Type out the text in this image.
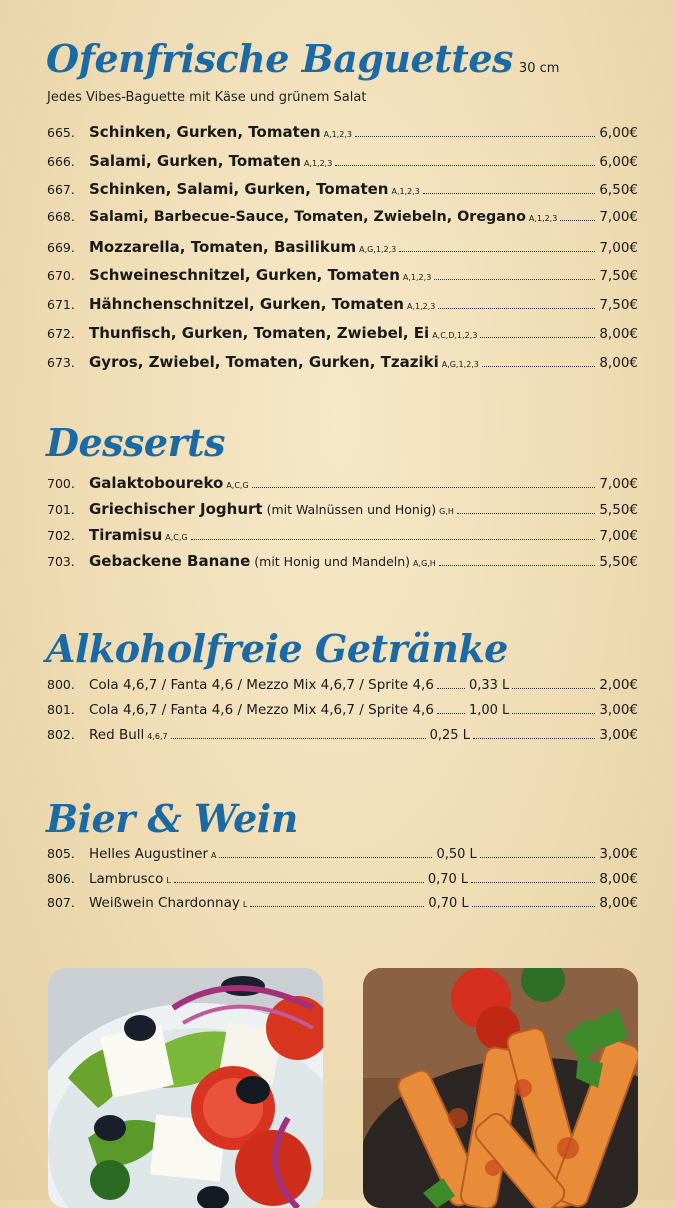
Ofenfrische Baguettes 30 cm
Jedes Vibes-Baguette mit Käse und grünem Salat
665. Schinken, Gurken, Tomaten A,1,2,3	6,00€
666. Salami, Gurken, Tomaten A,1,2,3	6,00€
667. Schinken, Salami, Gurken, Tomaten A,1,2,3	6,50€
668. Salami, Barbecue-Sauce, Tomaten, Zwiebeln, Oregano A,1,2,3	7,00€
669. Mozzarella, Tomaten, Basilikum A,G,1,2,3	7,00€
670. Schweineschnitzel, Gurken, Tomaten A,1,2,3	7,50€
671. Hähnchenschnitzel, Gurken, Tomaten A,1,2,3	7,50€
672. Thunfisch, Gurken, Tomaten, Zwiebel, Ei A,C,D,1,2,3	8,00€
673. Gyros, Zwiebel, Tomaten, Gurken, Tzaziki A,G,1,2,3	8,00€
Desserts
700. Galaktoboureko A,C,G	7,00€
701. Griechischer Joghurt (mit Walnüssen und Honig) G,H	5,50€
702. Tiramisu A,C,G	7,00€
703. Gebackene Banane (mit Honig und Mandeln) A,G,H	5,50€
Alkoholfreie Getränke
800.	Cola 4,6,7 / Fanta 4,6 / Mezzo Mix 4,6,7 / Sprite 4,6	0,33 L	2,00€
801.	Cola 4,6,7 / Fanta 4,6 / Mezzo Mix 4,6,7 / Sprite 4,6	1,00 L	3,00€
802.	Red Bull 4,6,7	0,25 L	3,00€
Bier & Wein
805.	Helles Augustiner A	0,50 L	3,00€
806.	Lambrusco L	0,70 L	8,00€
807.	Weißwein Chardonnay L	0,70 L	8,00€
